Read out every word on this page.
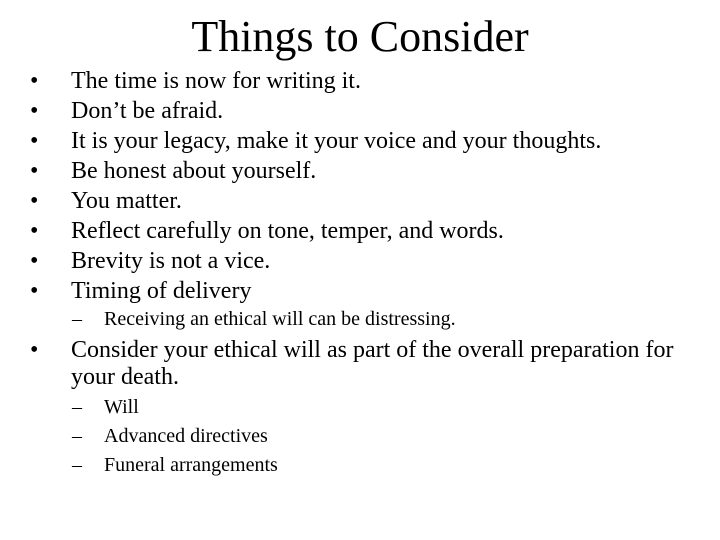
Things to Consider
• The time is now for writing it.
• Don’t be afraid.
• It is your legacy, make it your voice and your thoughts.
• Be honest about yourself.
• You matter.
• Reflect carefully on tone, temper, and words.
• Brevity is not a vice.
• Timing of delivery
– Receiving an ethical will can be distressing.
• Consider your ethical will as part of the overall preparation for your death.
– Will
– Advanced directives
– Funeral arrangements
